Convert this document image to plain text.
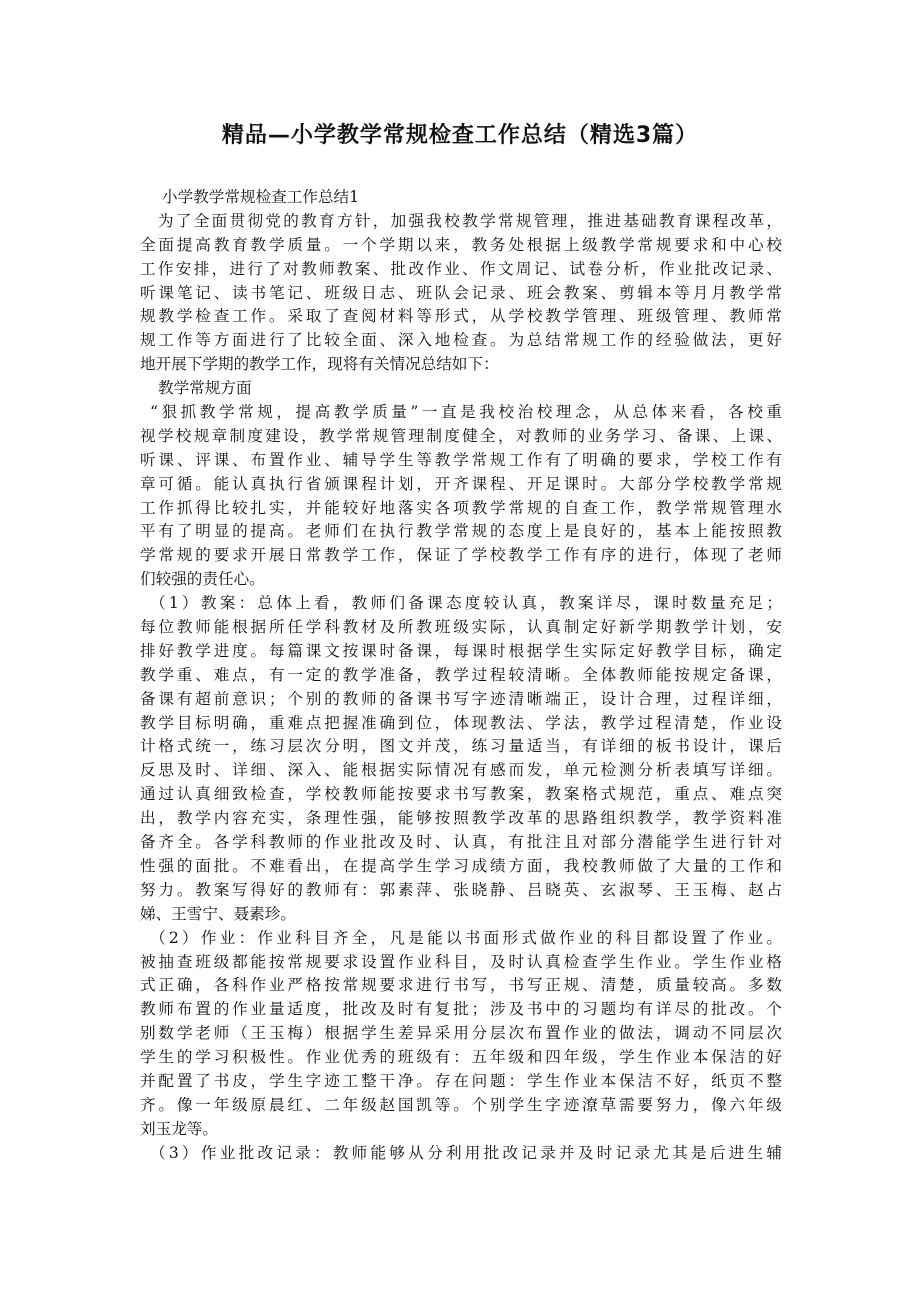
精品—小学教学常规检查工作总结（精选3篇）
小学教学常规检查工作总结1
为了全面贯彻党的教育方针，加强我校教学常规管理，推进基础教育课程改革，
全面提高教育教学质量。一个学期以来，教务处根据上级教学常规要求和中心校
工作安排，进行了对教师教案、批改作业、作文周记、试卷分析，作业批改记录、
听课笔记、读书笔记、班级日志、班队会记录、班会教案、剪辑本等月月教学常
规教学检查工作。采取了查阅材料等形式，从学校教学管理、班级管理、教师常
规工作等方面进行了比较全面、深入地检查。为总结常规工作的经验做法，更好
地开展下学期的教学工作，现将有关情况总结如下：
教学常规方面
“狠抓教学常规，提高教学质量”一直是我校治校理念，从总体来看，各校重
视学校规章制度建设，教学常规管理制度健全，对教师的业务学习、备课、上课、
听课、评课、布置作业、辅导学生等教学常规工作有了明确的要求，学校工作有
章可循。能认真执行省颁课程计划，开齐课程、开足课时。大部分学校教学常规
工作抓得比较扎实，并能较好地落实各项教学常规的自查工作，教学常规管理水
平有了明显的提高。老师们在执行教学常规的态度上是良好的，基本上能按照教
学常规的要求开展日常教学工作，保证了学校教学工作有序的进行，体现了老师
们较强的责任心。
（1）教案：总体上看，教师们备课态度较认真，教案详尽，课时数量充足；
每位教师能根据所任学科教材及所教班级实际，认真制定好新学期教学计划，安
排好教学进度。每篇课文按课时备课，每课时根据学生实际定好教学目标，确定
教学重、难点，有一定的教学准备，教学过程较清晰。全体教师能按规定备课，
备课有超前意识；个别的教师的备课书写字迹清晰端正，设计合理，过程详细，
教学目标明确，重难点把握准确到位，体现教法、学法，教学过程清楚，作业设
计格式统一，练习层次分明，图文并茂，练习量适当，有详细的板书设计，课后
反思及时、详细、深入、能根据实际情况有感而发，单元检测分析表填写详细。
通过认真细致检查，学校教师能按要求书写教案，教案格式规范，重点、难点突
出，教学内容充实，条理性强，能够按照教学改革的思路组织教学，教学资料准
备齐全。各学科教师的作业批改及时、认真，有批注且对部分潜能学生进行针对
性强的面批。不难看出，在提高学生学习成绩方面，我校教师做了大量的工作和
努力。教案写得好的教师有：郭素萍、张晓静、吕晓英、玄淑琴、王玉梅、赵占
娣、王雪宁、聂素珍。
（2）作业：作业科目齐全，凡是能以书面形式做作业的科目都设置了作业。
被抽查班级都能按常规要求设置作业科目，及时认真检查学生作业。学生作业格
式正确，各科作业严格按常规要求进行书写，书写正规、清楚，质量较高。多数
教师布置的作业量适度，批改及时有复批；涉及书中的习题均有详尽的批改。个
别数学老师（王玉梅）根据学生差异采用分层次布置作业的做法，调动不同层次
学生的学习积极性。作业优秀的班级有：五年级和四年级，学生作业本保洁的好
并配置了书皮，学生字迹工整干净。存在问题：学生作业本保洁不好，纸页不整
齐。像一年级原晨红、二年级赵国凯等。个别学生字迹潦草需要努力，像六年级
刘玉龙等。
（3）作业批改记录：教师能够从分利用批改记录并及时记录尤其是后进生辅
